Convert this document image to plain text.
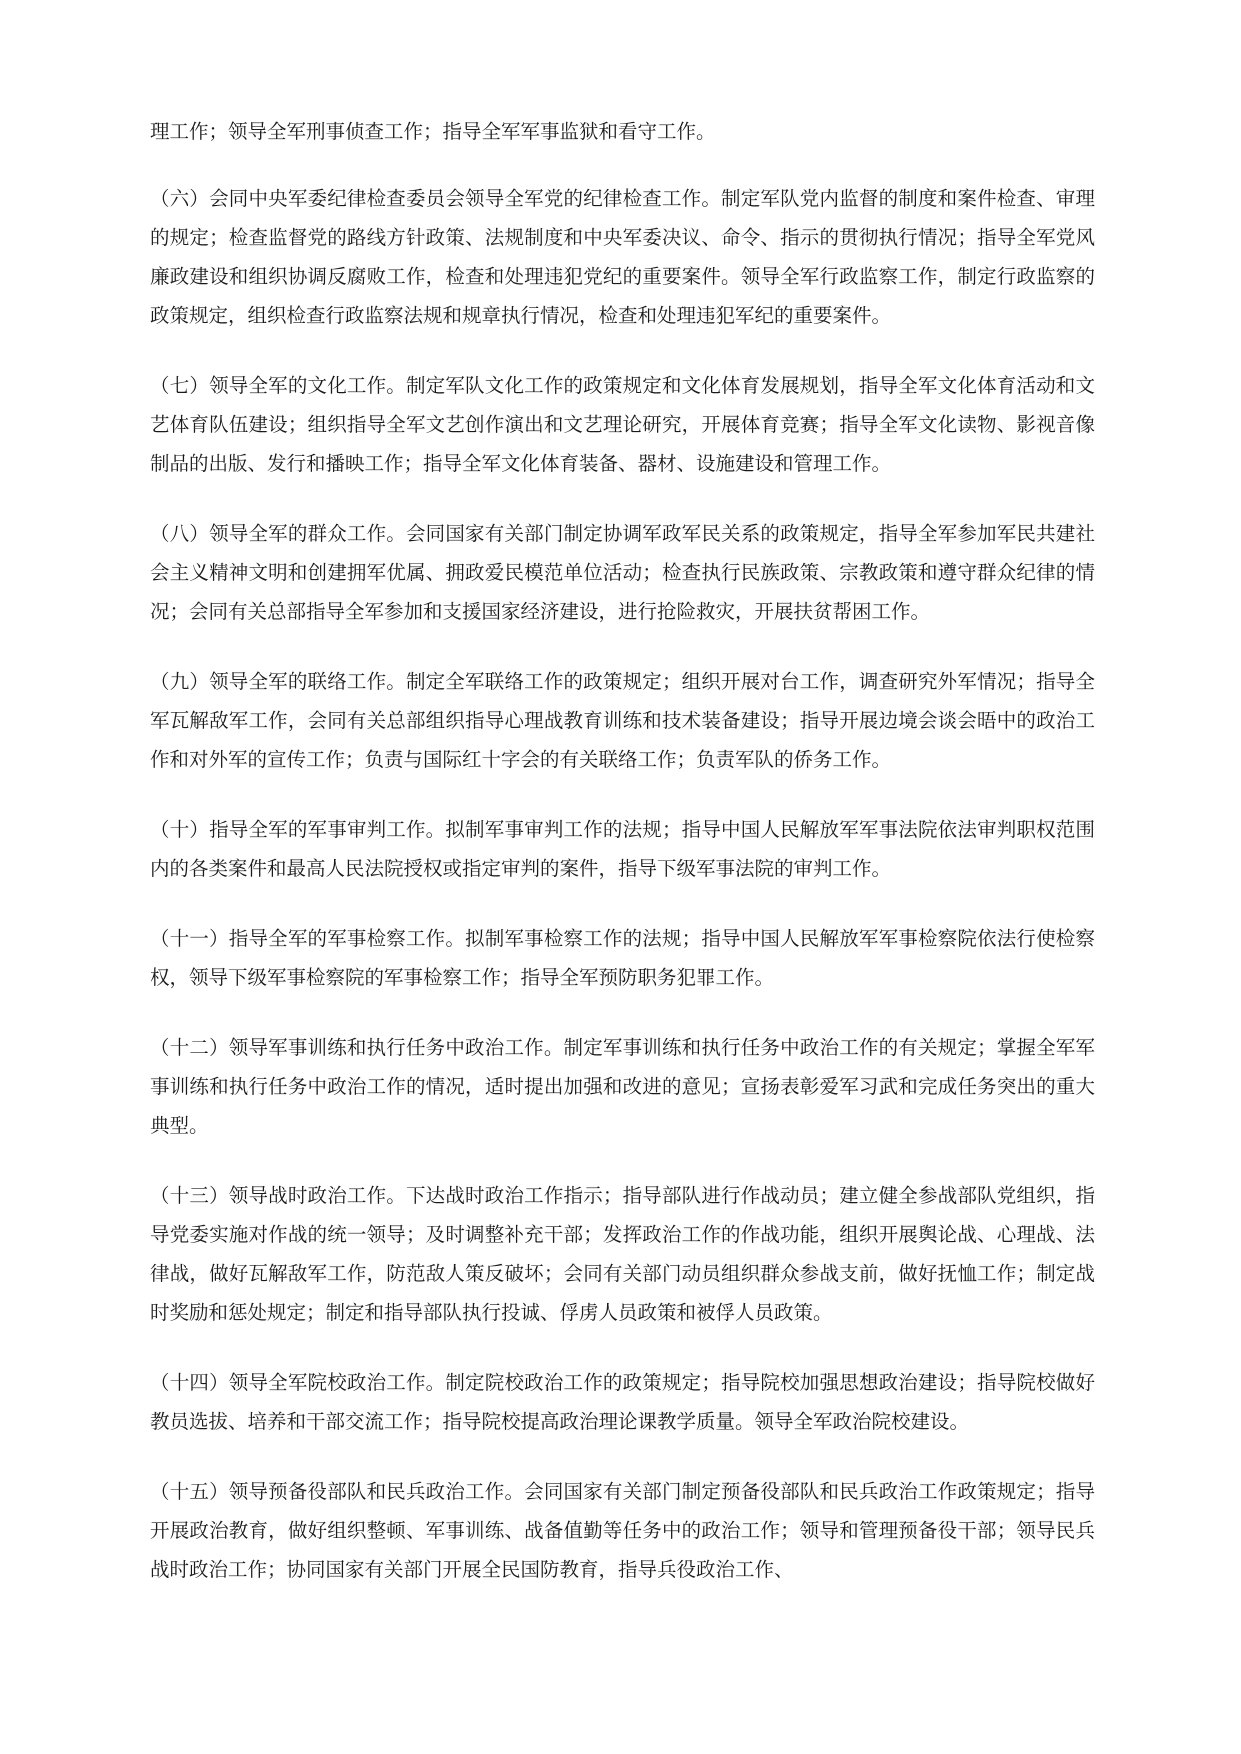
理工作；领导全军刑事侦查工作；指导全军军事监狱和看守工作。

（六）会同中央军委纪律检查委员会领导全军党的纪律检查工作。制定军队党内监督的制度和案件检查、审理的规定；检查监督党的路线方针政策、法规制度和中央军委决议、命令、指示的贯彻执行情况；指导全军党风廉政建设和组织协调反腐败工作，检查和处理违犯党纪的重要案件。领导全军行政监察工作，制定行政监察的政策规定，组织检查行政监察法规和规章执行情况，检查和处理违犯军纪的重要案件。

（七）领导全军的文化工作。制定军队文化工作的政策规定和文化体育发展规划，指导全军文化体育活动和文艺体育队伍建设；组织指导全军文艺创作演出和文艺理论研究，开展体育竞赛；指导全军文化读物、影视音像制品的出版、发行和播映工作；指导全军文化体育装备、器材、设施建设和管理工作。

（八）领导全军的群众工作。会同国家有关部门制定协调军政军民关系的政策规定，指导全军参加军民共建社会主义精神文明和创建拥军优属、拥政爱民模范单位活动；检查执行民族政策、宗教政策和遵守群众纪律的情况；会同有关总部指导全军参加和支援国家经济建设，进行抢险救灾，开展扶贫帮困工作。

（九）领导全军的联络工作。制定全军联络工作的政策规定；组织开展对台工作，调查研究外军情况；指导全军瓦解敌军工作，会同有关总部组织指导心理战教育训练和技术装备建设；指导开展边境会谈会晤中的政治工作和对外军的宣传工作；负责与国际红十字会的有关联络工作；负责军队的侨务工作。

（十）指导全军的军事审判工作。拟制军事审判工作的法规；指导中国人民解放军军事法院依法审判职权范围内的各类案件和最高人民法院授权或指定审判的案件，指导下级军事法院的审判工作。

（十一）指导全军的军事检察工作。拟制军事检察工作的法规；指导中国人民解放军军事检察院依法行使检察权，领导下级军事检察院的军事检察工作；指导全军预防职务犯罪工作。

（十二）领导军事训练和执行任务中政治工作。制定军事训练和执行任务中政治工作的有关规定；掌握全军军事训练和执行任务中政治工作的情况，适时提出加强和改进的意见；宣扬表彰爱军习武和完成任务突出的重大典型。

（十三）领导战时政治工作。下达战时政治工作指示；指导部队进行作战动员；建立健全参战部队党组织，指导党委实施对作战的统一领导；及时调整补充干部；发挥政治工作的作战功能，组织开展舆论战、心理战、法律战，做好瓦解敌军工作，防范敌人策反破坏；会同有关部门动员组织群众参战支前，做好抚恤工作；制定战时奖励和惩处规定；制定和指导部队执行投诚、俘虏人员政策和被俘人员政策。

（十四）领导全军院校政治工作。制定院校政治工作的政策规定；指导院校加强思想政治建设；指导院校做好教员选拔、培养和干部交流工作；指导院校提高政治理论课教学质量。领导全军政治院校建设。

（十五）领导预备役部队和民兵政治工作。会同国家有关部门制定预备役部队和民兵政治工作政策规定；指导开展政治教育，做好组织整顿、军事训练、战备值勤等任务中的政治工作；领导和管理预备役干部；领导民兵战时政治工作；协同国家有关部门开展全民国防教育，指导兵役政治工作、
